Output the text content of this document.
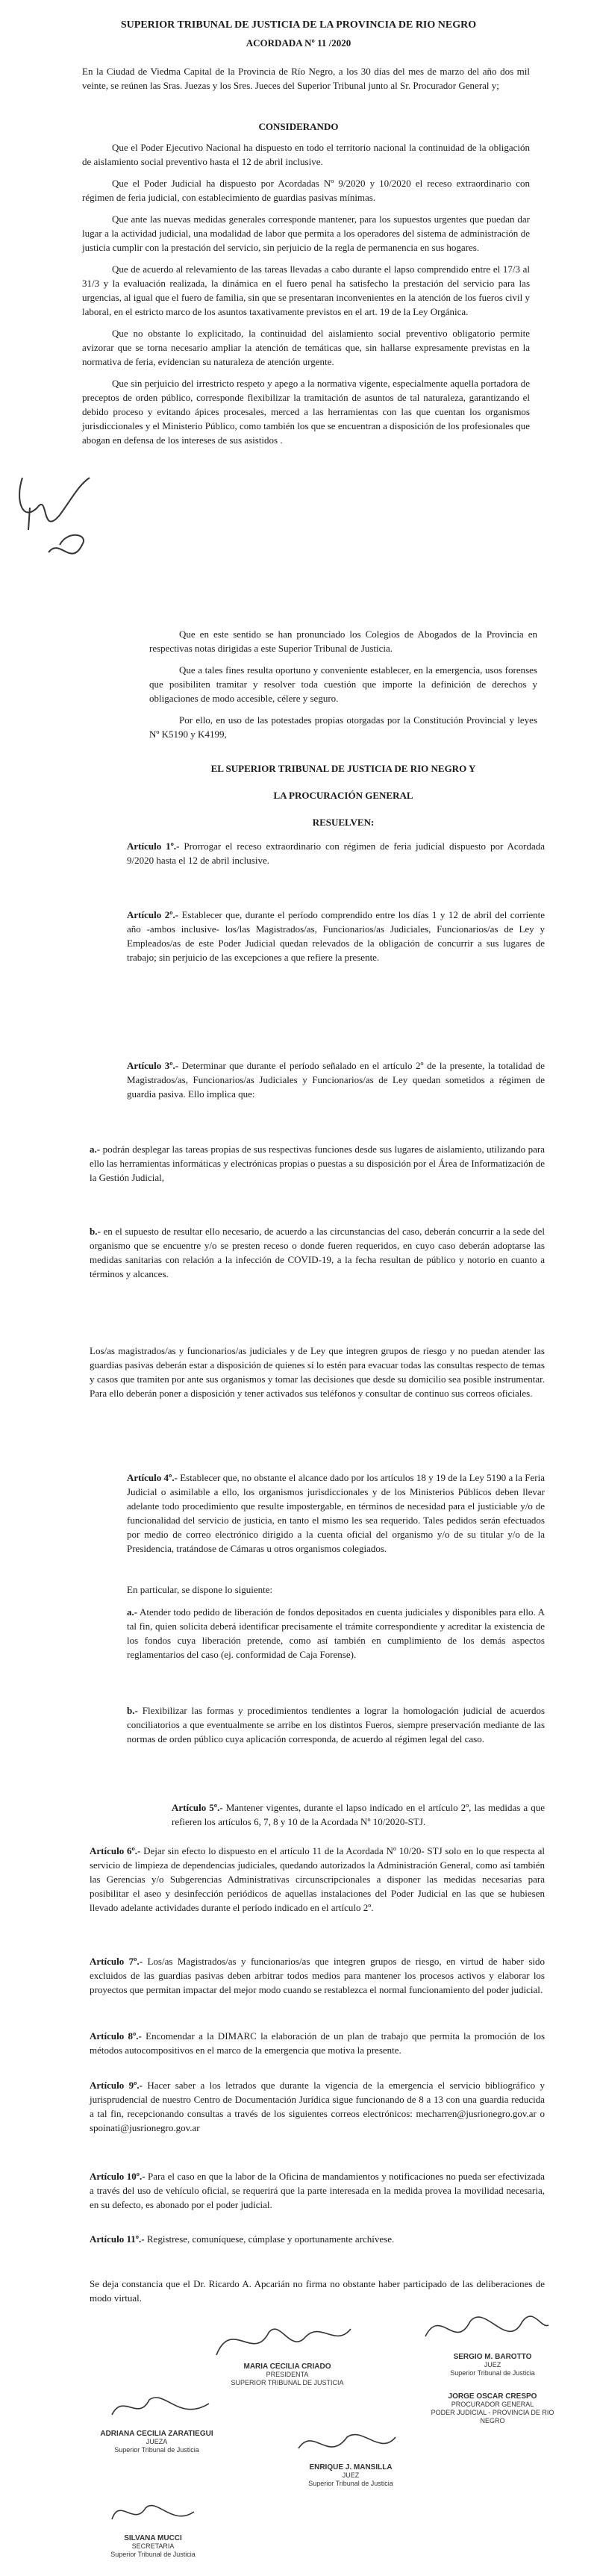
SUPERIOR TRIBUNAL DE JUSTICIA DE LA PROVINCIA DE RIO NEGRO
ACORDADA Nº 11 /2020

En la Ciudad de Viedma Capital de la Provincia de Río Negro, a los 30 días del mes de marzo del año dos mil veinte, se reúnen las Sras. Juezas y los Sres. Jueces del Superior Tribunal junto al Sr. Procurador General y;

CONSIDERANDO

Que el Poder Ejecutivo Nacional ha dispuesto en todo el territorio nacional la continuidad de la obligación de aislamiento social preventivo hasta el 12 de abril inclusive.

Que el Poder Judicial ha dispuesto por Acordadas Nº 9/2020 y 10/2020 el receso extraordinario con régimen de feria judicial, con establecimiento de guardias pasivas mínimas.

Que ante las nuevas medidas generales corresponde mantener, para los supuestos urgentes que puedan dar lugar a la actividad judicial, una modalidad de labor que permita a los operadores del sistema de administración de justicia cumplir con la prestación del servicio, sin perjuicio de la regla de permanencia en sus hogares.

Que de acuerdo al relevamiento de las tareas llevadas a cabo durante el lapso comprendido entre el 17/3 al 31/3 y la evaluación realizada, la dinámica en el fuero penal ha satisfecho la prestación del servicio para las urgencias, al igual que el fuero de familia, sin que se presentaran inconvenientes en la atención de los fueros civil y laboral, en el estricto marco de los asuntos taxativamente previstos en el art. 19 de la Ley Orgánica.

Que no obstante lo explicitado, la continuidad del aislamiento social preventivo obligatorio permite avizorar que se torna necesario ampliar la atención de temáticas que, sin hallarse expresamente previstas en la normativa de feria, evidencian su naturaleza de atención urgente.

Que sin perjuicio del irrestricto respeto y apego a la normativa vigente, especialmente aquella portadora de preceptos de orden público, corresponde flexibilizar la tramitación de asuntos de tal naturaleza, garantizando el debido proceso y evitando ápices procesales, merced a las herramientas con las que cuentan los organismos jurisdiccionales y el Ministerio Público, como también los que se encuentran a disposición de los profesionales que abogan en defensa de los intereses de sus asistidos .

Que en este sentido se han pronunciado los Colegios de Abogados de la Provincia en respectivas notas dirigidas a este Superior Tribunal de Justicia.

Que a tales fines resulta oportuno y conveniente establecer, en la emergencia, usos forenses que posibiliten tramitar y resolver toda cuestión que importe la definición de derechos y obligaciones de modo accesible, célere y seguro.

Por ello, en uso de las potestades propias otorgadas por la Constitución Provincial y leyes Nº K5190 y K4199,

EL SUPERIOR TRIBUNAL DE JUSTICIA DE RIO NEGRO Y
LA PROCURACIÓN GENERAL
RESUELVEN:
Artículo 1º.- Prorrogar el receso extraordinario con régimen de feria judicial dispuesto por Acordada 9/2020 hasta el 12 de abril inclusive.
Artículo 2º.- Establecer que, durante el período comprendido entre los días 1 y 12 de abril del corriente año -ambos inclusive- los/las Magistrados/as, Funcionarios/as Judiciales, Funcionarios/as de Ley y Empleados/as de este Poder Judicial quedan relevados de la obligación de concurrir a sus lugares de trabajo; sin perjuicio de las excepciones a que refiere la presente.
Artículo 3º.- Determinar que durante el período señalado en el artículo 2º de la presente, la totalidad de Magistrados/as, Funcionarios/as Judiciales y Funcionarios/as de Ley quedan sometidos a régimen de guardia pasiva. Ello implica que:
a.- podrán desplegar las tareas propias de sus respectivas funciones desde sus lugares de aislamiento, utilizando para ello las herramientas informáticas y electrónicas propias o puestas a su disposición por el Área de Informatización de la Gestión Judicial,
b.- en el supuesto de resultar ello necesario, de acuerdo a las circunstancias del caso, deberán concurrir a la sede del organismo que se encuentre y/o se presten receso o donde fueren requeridos, en cuyo caso deberán adoptarse las medidas sanitarias con relación a la infección de COVID-19, a la fecha resultan de público y notorio en cuanto a términos y alcances.
Los/as magistrados/as y funcionarios/as judiciales y de Ley que integren grupos de riesgo y no puedan atender las guardias pasivas deberán estar a disposición de quienes sí lo estén para evacuar todas las consultas respecto de temas y casos que tramiten por ante sus organismos y tomar las decisiones que desde su domicilio sea posible instrumentar. Para ello deberán poner a disposición y tener activados sus teléfonos y consultar de continuo sus correos oficiales.
Artículo 4º.- Establecer que, no obstante el alcance dado por los artículos 18 y 19 de la Ley 5190 a la Feria Judicial o asimilable a ello, los organismos jurisdiccionales y de los Ministerios Públicos deben llevar adelante todo procedimiento que resulte impostergable, en términos de necesidad para el justiciable y/o de funcionalidad del servicio de justicia, en tanto el mismo les sea requerido. Tales pedidos serán efectuados por medio de correo electrónico dirigido a la cuenta oficial del organismo y/o de su titular y/o de la Presidencia, tratándose de Cámaras u otros organismos colegiados.
En particular, se dispone lo siguiente:
a.- Atender todo pedido de liberación de fondos depositados en cuenta judiciales y disponibles para ello. A tal fin, quien solicita deberá identificar precisamente el trámite correspondiente y acreditar la existencia de los fondos cuya liberación pretende, como así también en cumplimiento de los demás aspectos reglamentarios del caso (ej. conformidad de Caja Forense).
b.- Flexibilizar las formas y procedimientos tendientes a lograr la homologación judicial de acuerdos conciliatorios a que eventualmente se arribe en los distintos Fueros, siempre preservación mediante de las normas de orden público cuya aplicación corresponda, de acuerdo al régimen legal del caso.
Artículo 5º.- Mantener vigentes, durante el lapso indicado en el artículo 2º, las medidas a que refieren los artículos 6, 7, 8 y 10 de la Acordada Nº 10/2020-STJ.
Artículo 6º.- Dejar sin efecto lo dispuesto en el artículo 11 de la Acordada Nº 10/20- STJ solo en lo que respecta al servicio de limpieza de dependencias judiciales, quedando autorizados la Administración General, como así también las Gerencias y/o Subgerencias Administrativas circunscripcionales a disponer las medidas necesarias para posibilitar el aseo y desinfección periódicos de aquellas instalaciones del Poder Judicial en las que se hubiesen llevado adelante actividades durante el período indicado en el artículo 2º.
Artículo 7º.- Los/as Magistrados/as y funcionarios/as que integren grupos de riesgo, en virtud de haber sido excluidos de las guardias pasivas deben arbitrar todos medios para mantener los procesos activos y elaborar los proyectos que permitan impactar del mejor modo cuando se restablezca el normal funcionamiento del poder judicial.
Artículo 8º.- Encomendar a la DIMARC la elaboración de un plan de trabajo que permita la promoción de los métodos autocompositivos en el marco de la emergencia que motiva la presente.
Artículo 9º.- Hacer saber a los letrados que durante la vigencia de la emergencia el servicio bibliográfico y jurisprudencial de nuestro Centro de Documentación Jurídica sigue funcionando de 8 a 13 con una guardia reducida a tal fin, recepcionando consultas a través de los siguientes correos electrónicos: mecharren@jusrionegro.gov.ar o spoinati@jusrionegro.gov.ar
Artículo 10º.- Para el caso en que la labor de la Oficina de mandamientos y notificaciones no pueda ser efectivizada a través del uso de vehículo oficial, se requerirá que la parte interesada en la medida provea la movilidad necesaria, en su defecto, es abonado por el poder judicial.
Artículo 11º.- Registrese, comuníquese, cúmplase y oportunamente archívese.
Se deja constancia que el Dr. Ricardo A. Apcarián no firma no obstante haber participado de las deliberaciones de modo virtual.
MARIA CECILIA CRIADO
PRESIDENTA
SUPERIOR TRIBUNAL DE JUSTICIA
SERGIO M. BAROTTO
JUEZ
Superior Tribunal de Justicia
JORGE OSCAR CRESPO
PROCURADOR GENERAL
PODER JUDICIAL - PROVINCIA DE RIO NEGRO
ADRIANA CECILIA ZARATIEGUI
JUEZA
Superior Tribunal de Justicia
ENRIQUE J. MANSILLA
JUEZ
Superior Tribunal de Justicia
SILVANA MUCCI
SECRETARIA
Superior Tribunal de Justicia
